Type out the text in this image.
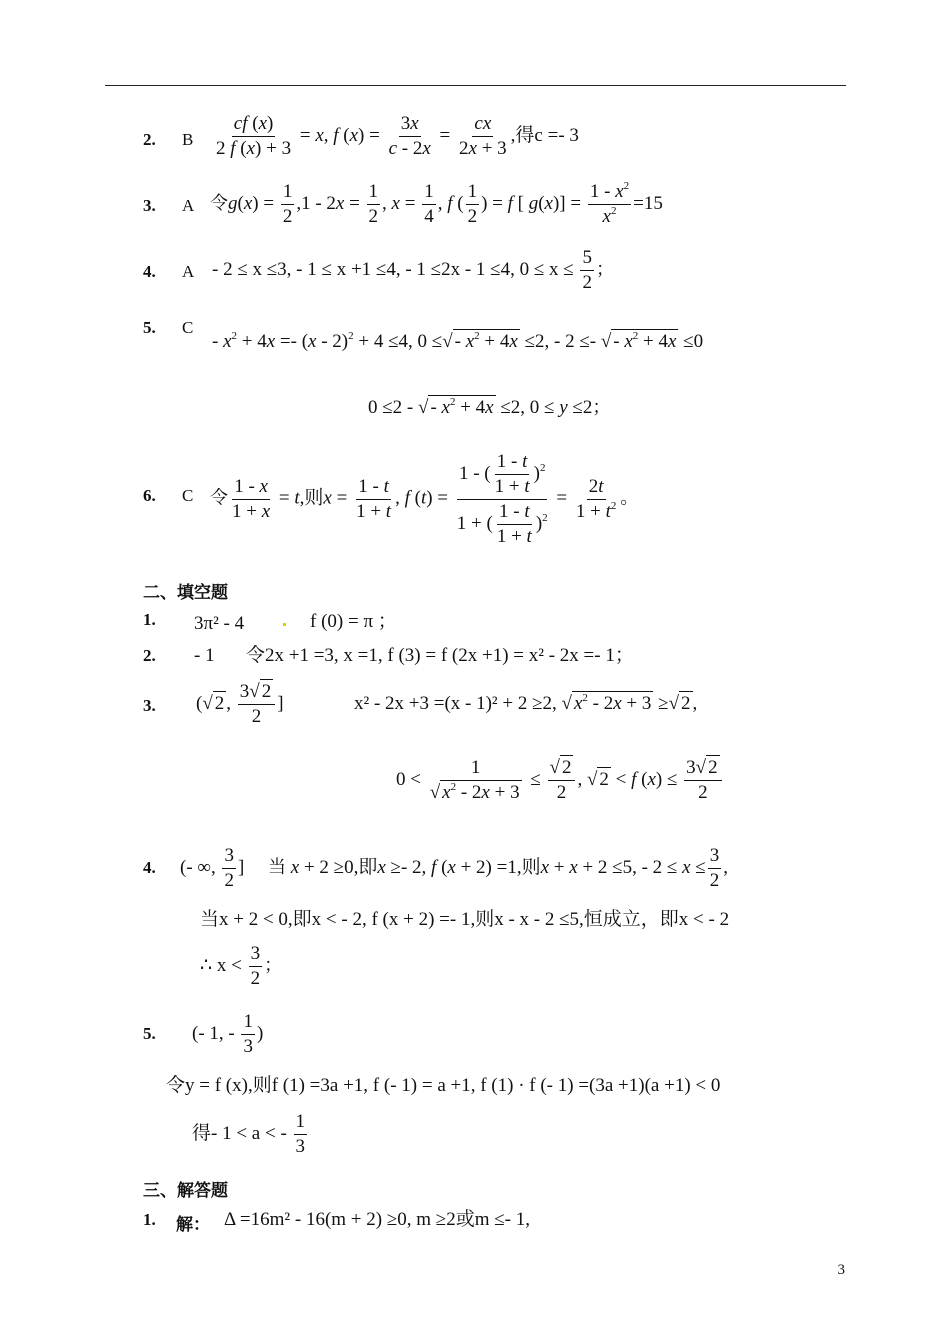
2. B $\frac{cf (x)}{2 f (x) + 3} = x$, f $(x) = \frac{3x}{c - 2x} = \frac{cx}{2x + 3}$ ,得c =- 3
3. A 令$g(x) = \frac{1}{2} ,1 - 2x = \frac{1}{2}$ , $x = \frac{1}{4}$ , f ( $\frac{1}{2}$ ) = f [ $g(x)] = \frac{1 - x^2}{x^2} =15$
4. A - 2 ≤ x ≤3, - 1 ≤ x +1 ≤4, - 1 ≤2x - 1 ≤4, $0 \le x \le \frac{5}{2}$ ；
5. C
- $x^2 + 4x =- (x - 2)^2 + 4 \le 4$, 0 ≤√ - $x^2 + 4x \le 2$, - 2 ≤- √ - $x^2 + 4x \le 0$
0 ≤2 - √ - $x^2 + 4x \le 2$, 0 ≤ y ≤2；
6. C 令 $\frac{1 - x}{1 + x} = t$,则$x = \frac{1 - t}{1 + t}$ , f $(t) = \frac{1 - ( \frac{1 - t}{1 + t} )^2}{1 + ( \frac{1 - t}{1 + t} )^2} = \frac{2t}{1 + t^2}$ 。
二、填空题
1. 3π² - 4	f (0) = π ；
2. - 1 令2x +1 =3, x =1, f (3) = f (2x +1) = x² - 2x =- 1；
3. (√ 2 , $\frac{3√ 2}{2}$ ]	x² - 2x +3 =(x - 1)² + 2 ≥2, √ $x^2 - 2x + 3$ ≥√ 2 ,
$0 < \frac{1}{√ x^2 - 2x + 3} \le \frac{√ 2}{2}$ , √ 2 < f $(x) \le \frac{3√ 2}{2}$
4. (- ∞, $\frac{3}{2}$ ] 当 x + 2 ≥0,即x ≥- 2, f (x + 2) =1,则x + x + 2 ≤5, - $2 \le x \le \frac{3}{2}$ ,
当x + 2 < 0,即x < - 2, f (x + 2) =- 1,则x - x - 2 ≤5,恒成立，即x < - 2
∴ $x < \frac{3}{2}$ ；
5. (- 1, - $\frac{1}{3}$ )
令y = f (x),则f (1) =3a +1, f (- 1) = a +1, f (1) · f (- 1) =(3a +1)(a +1) < 0
得- 1 < a < - $\frac{1}{3}$
三、解答题
1. 解： Δ =16m² - 16(m + 2) ≥0, m ≥2或m ≤- 1,
3
